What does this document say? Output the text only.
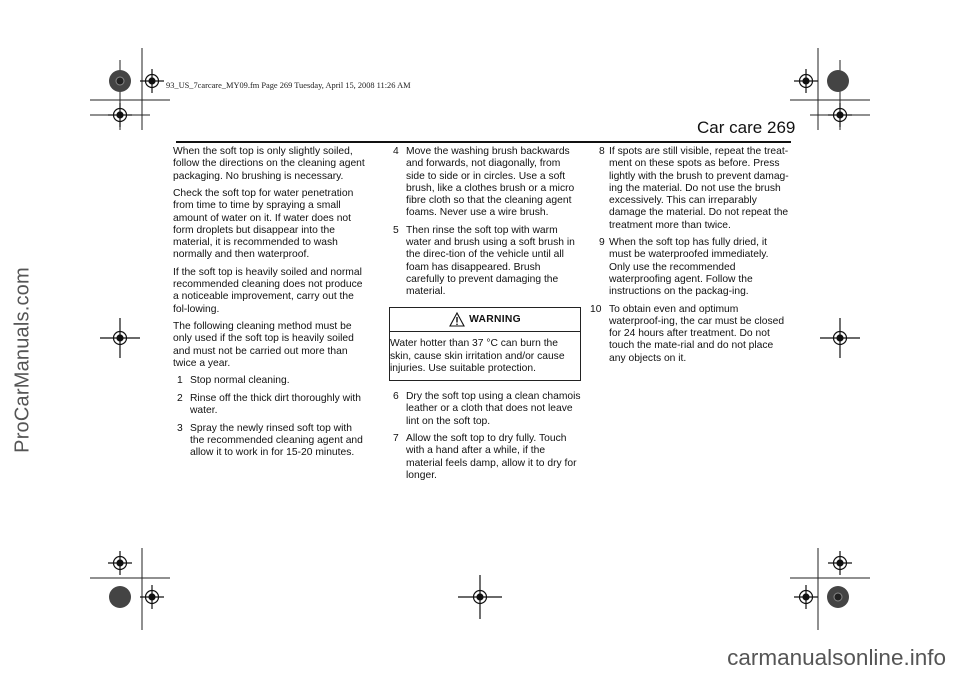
93_US_7carcare_MY09.fm Page 269 Tuesday, April 15, 2008 11:26 AM
ProCarManuals.com
Car care 269

When the soft top is only slightly soiled, follow the directions on the cleaning agent packaging. No brushing is necessary.

Check the soft top for water penetration from time to time by spraying a small amount of water on it. If water does not form droplets but disappear into the material, it is recommended to wash normally and then waterproof.

If the soft top is heavily soiled and normal recommended cleaning does not produce a noticeable improvement, carry out the fol-lowing.

The following cleaning method must be only used if the soft top is heavily soiled and must not be carried out more than twice a year.

1 Stop normal cleaning.
2 Rinse off the thick dirt thoroughly with water.
3 Spray the newly rinsed soft top with the recommended cleaning agent and allow it to work in for 15-20 minutes.
4 Move the washing brush backwards and forwards, not diagonally, from side to side or in circles. Use a soft brush, like a clothes brush or a micro fibre cloth so that the cleaning agent foams. Never use a wire brush.
5 Then rinse the soft top with warm water and brush using a soft brush in the direc-tion of the vehicle until all foam has disappeared. Brush carefully to prevent damaging the material.
WARNING
Water hotter than 37 °C can burn the skin, cause skin irritation and/or cause injuries. Use suitable protection.
6 Dry the soft top using a clean chamois leather or a cloth that does not leave lint on the soft top.
7 Allow the soft top to dry fully. Touch with a hand after a while, if the material feels damp, allow it to dry for longer.
8 If spots are still visible, repeat the treat-ment on these spots as before. Press lightly with the brush to prevent damag-ing the material. Do not use the brush excessively. This can irreparably damage the material. Do not repeat the treatment more than twice.
9 When the soft top has fully dried, it must be waterproofed immediately. Only use the recommended waterproofing agent. Follow the instructions on the packag-ing.
10 To obtain even and optimum waterproof-ing, the car must be closed for 24 hours after treatment. Do not touch the mate-rial and do not place any objects on it.
carmanualsonline.info
